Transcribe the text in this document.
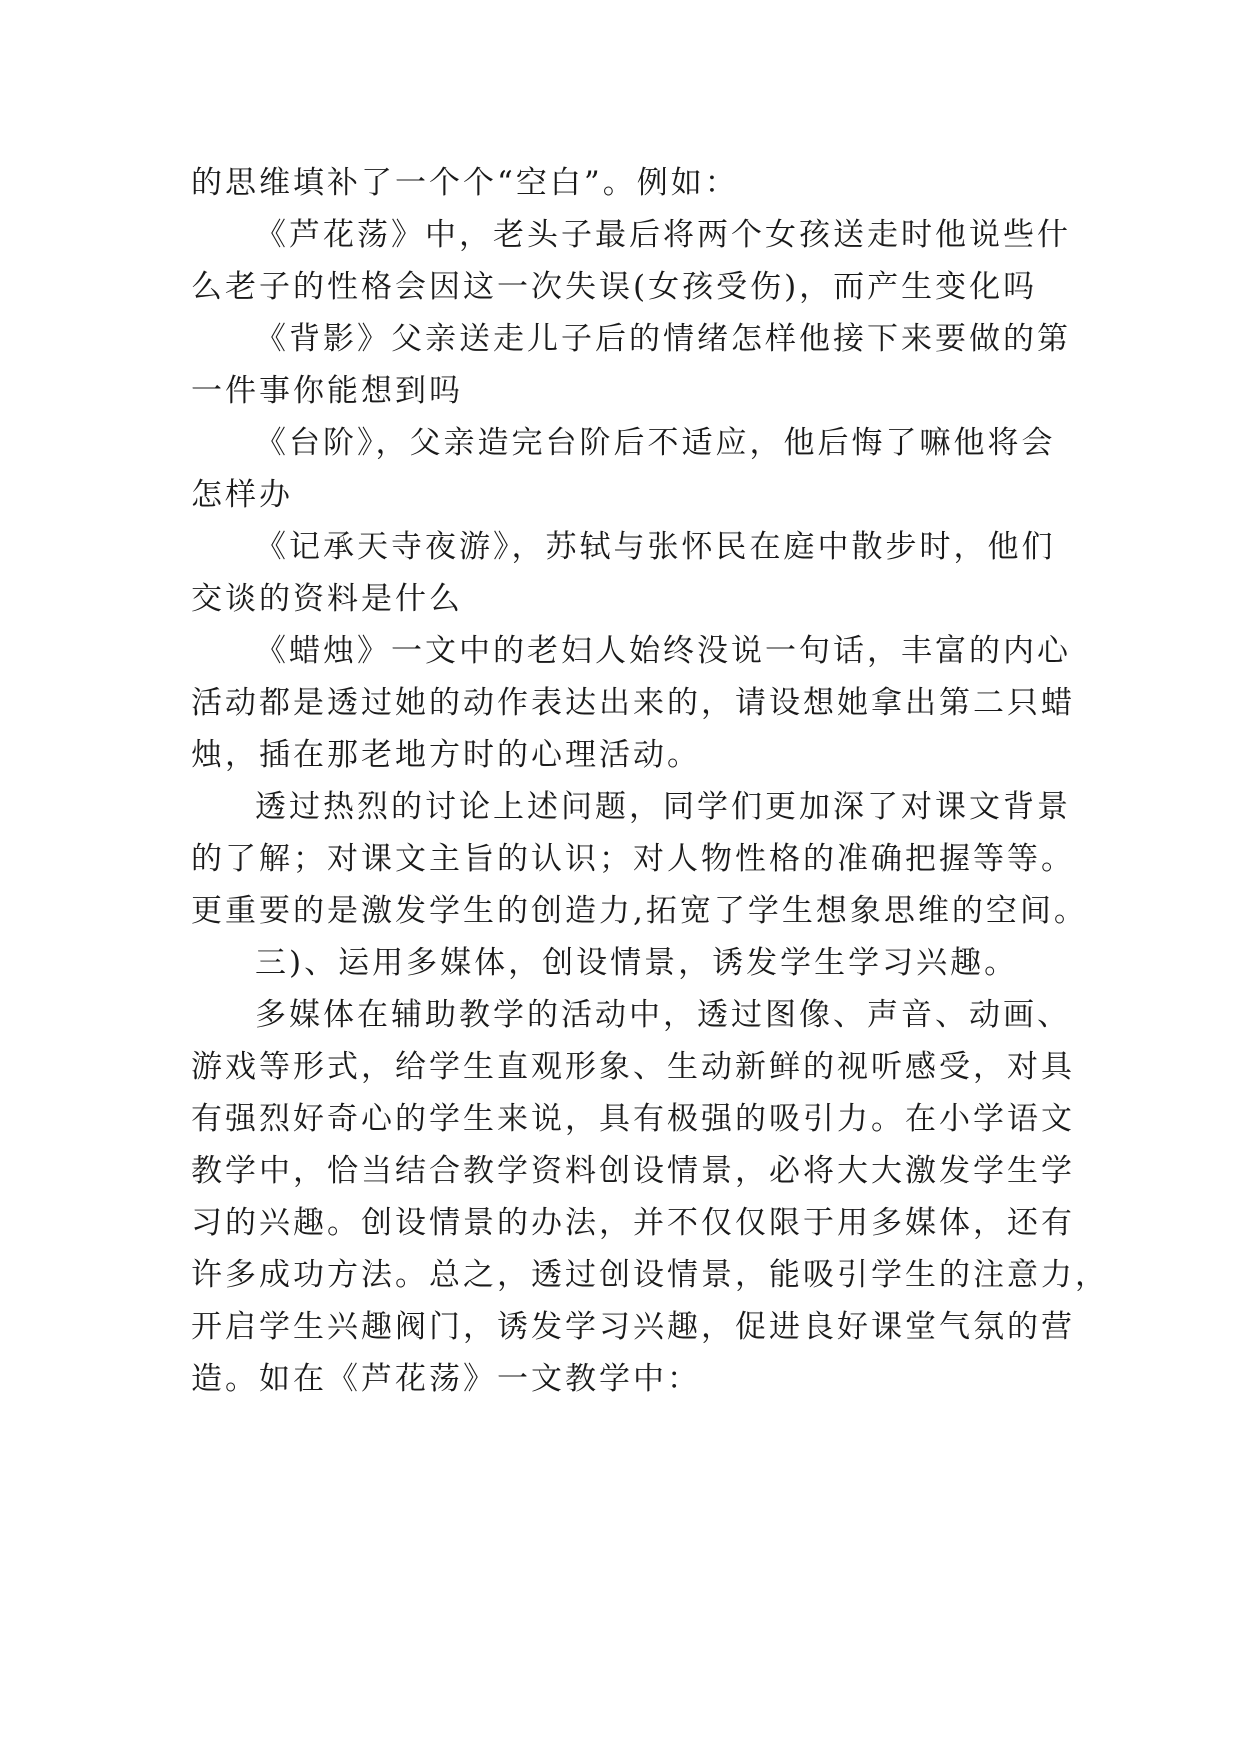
的思维填补了一个个“空白”。例如：
《芦花荡》中，老头子最后将两个女孩送走时他说些什
么老子的性格会因这一次失误(女孩受伤)，而产生变化吗
《背影》父亲送走儿子后的情绪怎样他接下来要做的第
一件事你能想到吗
《台阶》，父亲造完台阶后不适应，他后悔了嘛他将会
怎样办
《记承天寺夜游》，苏轼与张怀民在庭中散步时，他们
交谈的资料是什么
《蜡烛》一文中的老妇人始终没说一句话，丰富的内心
活动都是透过她的动作表达出来的，请设想她拿出第二只蜡
烛，插在那老地方时的心理活动。
透过热烈的讨论上述问题，同学们更加深了对课文背景
的了解；对课文主旨的认识；对人物性格的准确把握等等。
更重要的是激发学生的创造力,拓宽了学生想象思维的空间。
三)、运用多媒体，创设情景，诱发学生学习兴趣。
多媒体在辅助教学的活动中，透过图像、声音、动画、
游戏等形式，给学生直观形象、生动新鲜的视听感受，对具
有强烈好奇心的学生来说，具有极强的吸引力。在小学语文
教学中，恰当结合教学资料创设情景，必将大大激发学生学
习的兴趣。创设情景的办法，并不仅仅限于用多媒体，还有
许多成功方法。总之，透过创设情景，能吸引学生的注意力，
开启学生兴趣阀门，诱发学习兴趣，促进良好课堂气氛的营
造。如在《芦花荡》一文教学中：
